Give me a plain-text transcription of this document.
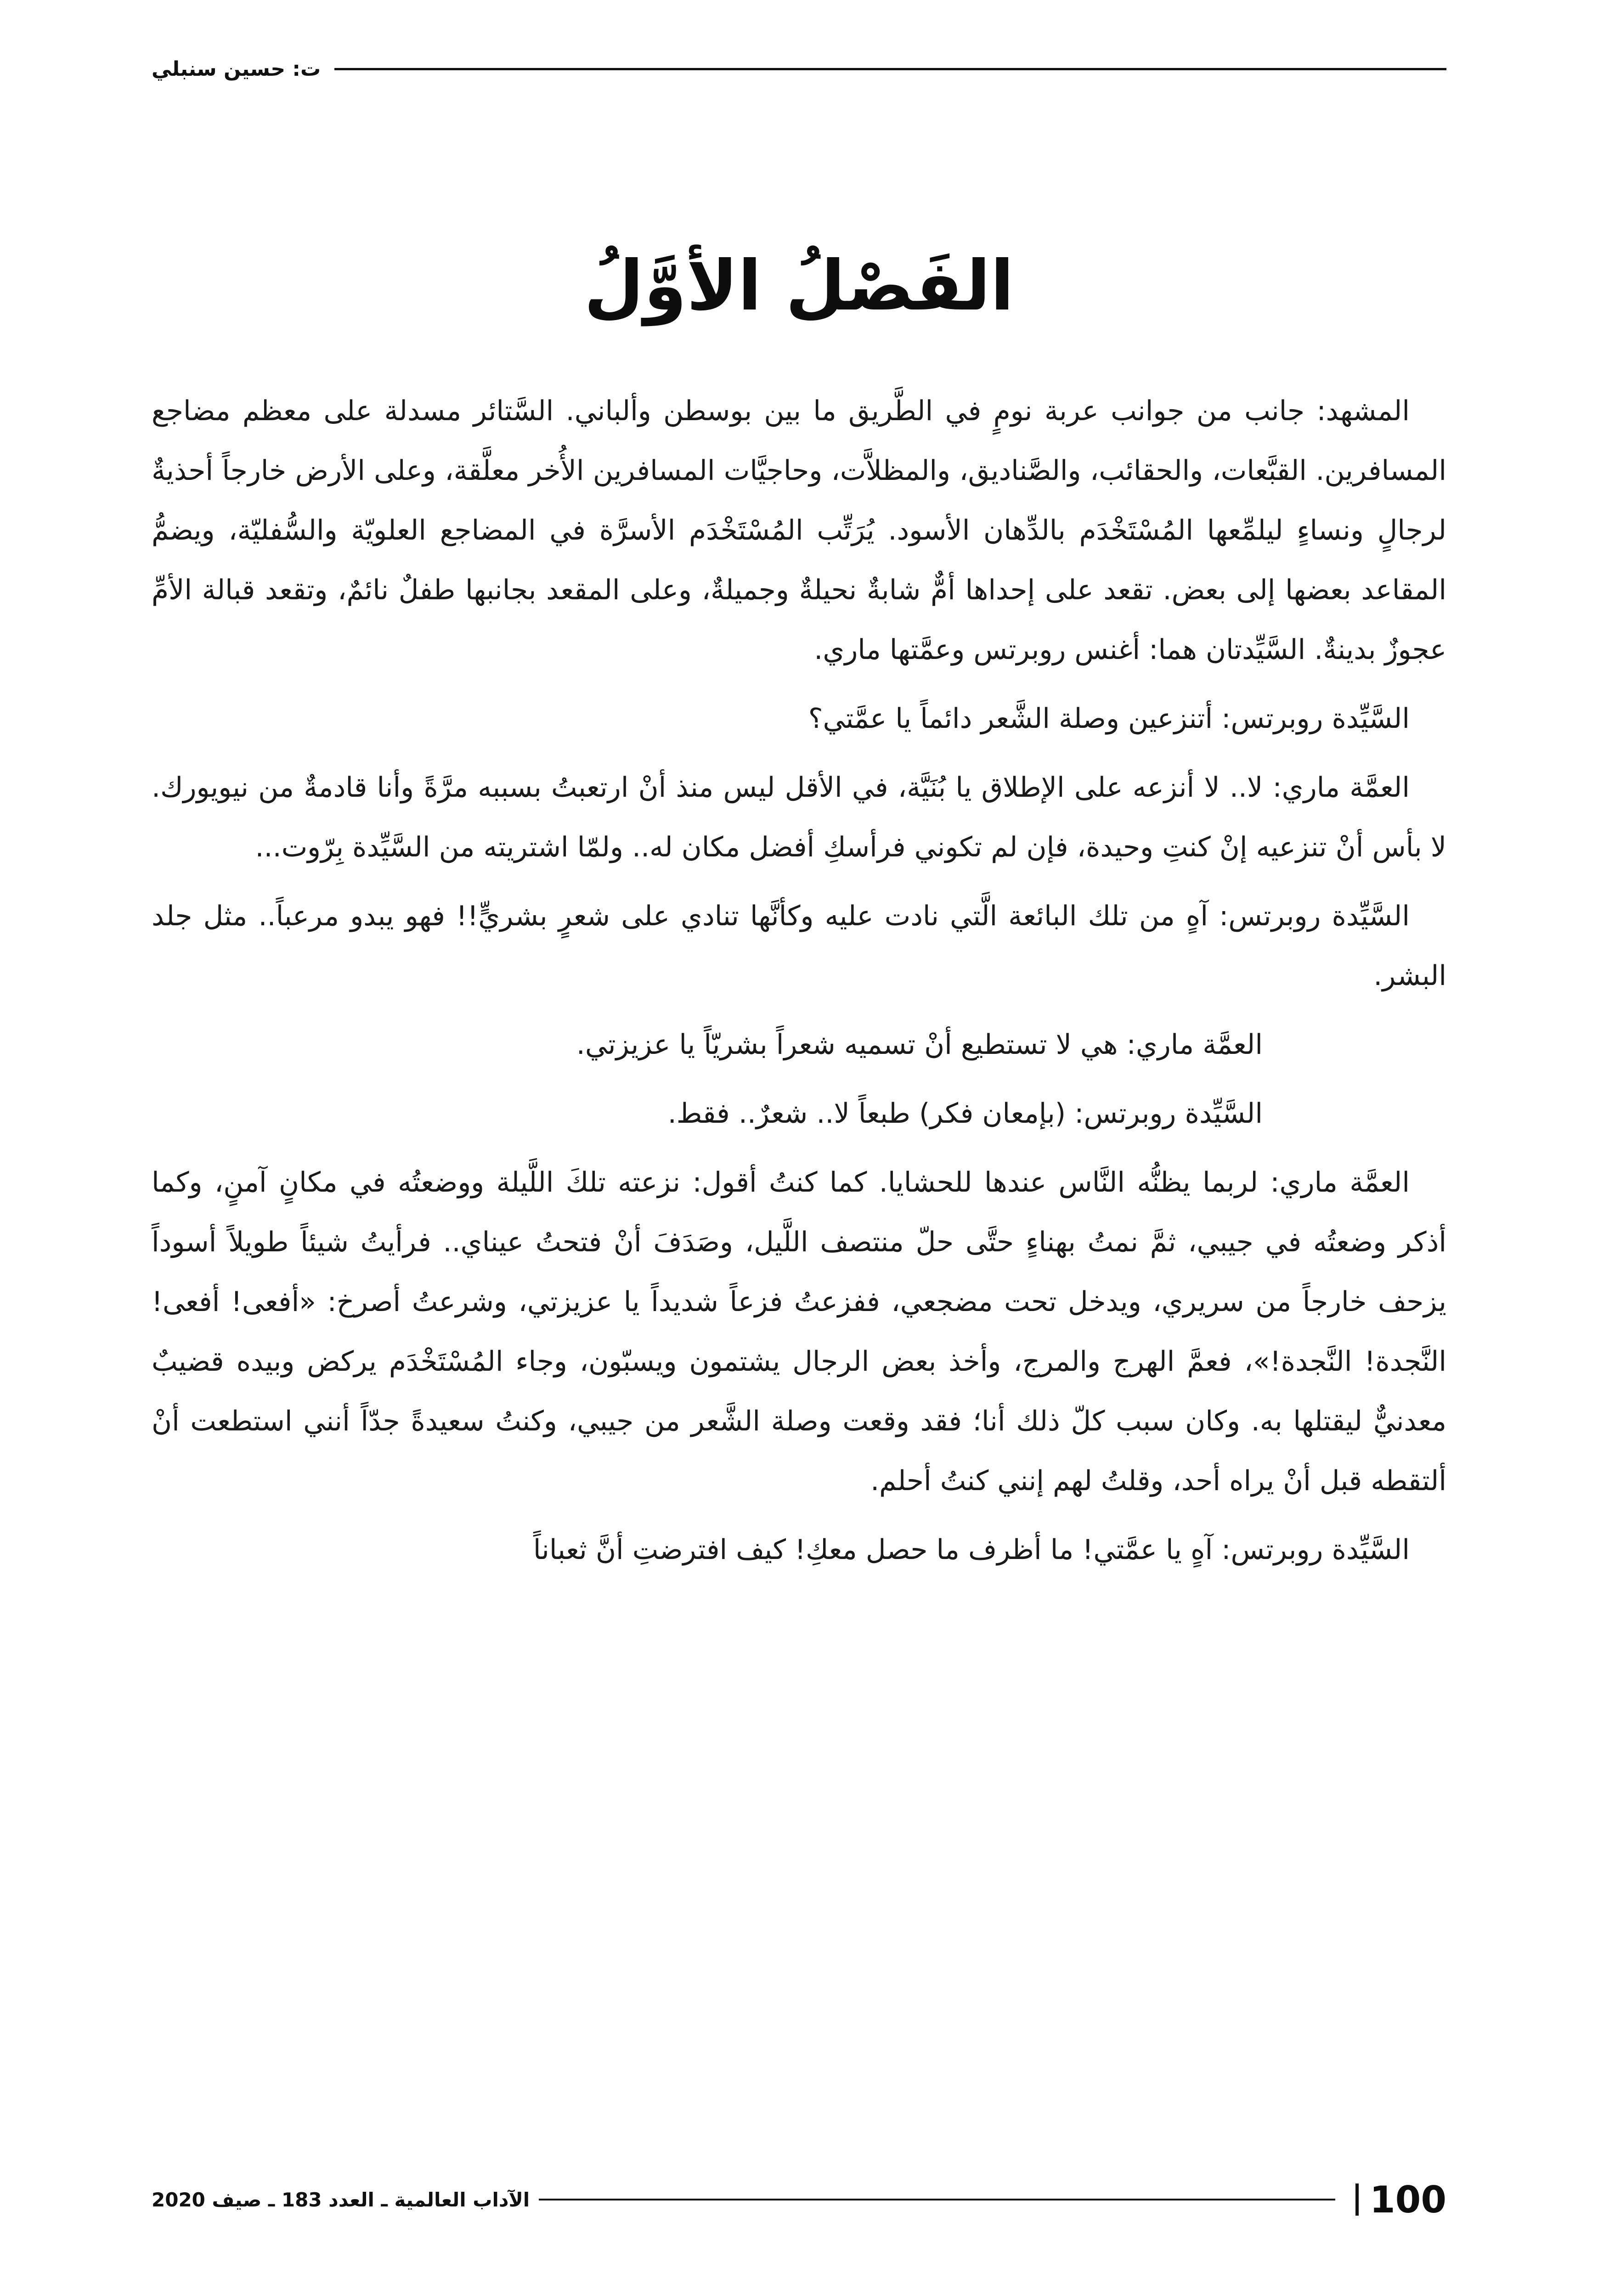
ت: حسين سنبلي
الفَصْلُ الأوَّلُ

المشهد: جانب من جوانب عربة نومٍ في الطَّريق ما بين بوسطن وألباني. السَّتائر مسدلة على معظم مضاجع المسافرين. القبَّعات، والحقائب، والصَّناديق، والمظلاَّت، وحاجيَّات المسافرين الأُخر معلَّقة، وعلى الأرض خارجاً أحذيةٌ لرجالٍ ونساءٍ ليلمِّعها المُسْتَخْدَم بالدِّهان الأسود. يُرَتِّب المُسْتَخْدَم الأسرَّة في المضاجع العلويّة والسُّفليّة، ويضمُّ المقاعد بعضها إلى بعض. تقعد على إحداها أمٌّ شابةٌ نحيلةٌ وجميلةٌ، وعلى المقعد بجانبها طفلٌ نائمٌ، وتقعد قبالة الأمِّ عجوزٌ بدينةٌ. السَّيِّدتان هما: أغنس روبرتس وعمَّتها ماري.

السَّيِّدة روبرتس: أتنزعين وصلة الشَّعر دائماً يا عمَّتي؟

العمَّة ماري: لا.. لا أنزعه على الإطلاق يا بُنَيَّة، في الأقل ليس منذ أنْ ارتعبتُ بسببه مرَّةً وأنا قادمةٌ من نيويورك. لا بأس أنْ تنزعيه إنْ كنتِ وحيدة، فإن لم تكوني فرأسكِ أفضل مكان له.. ولمّا اشتريته من السَّيِّدة بِرّوت...

السَّيِّدة روبرتس: آهٍ من تلك البائعة الَّتي نادت عليه وكأنَّها تنادي على شعرٍ بشريٍّ!! فهو يبدو مرعباً.. مثل جلد البشر.

العمَّة ماري: هي لا تستطيع أنْ تسميه شعراً بشريّاً يا عزيزتي.

السَّيِّدة روبرتس: (بإمعان فكر) طبعاً لا.. شعرٌ.. فقط.

العمَّة ماري: لربما يظنُّه النَّاس عندها للحشايا. كما كنتُ أقول: نزعته تلكَ اللَّيلة ووضعتُه في مكانٍ آمنٍ، وكما أذكر وضعتُه في جيبي، ثمَّ نمتُ بهناءٍ حتَّى حلّ منتصف اللَّيل، وصَدَفَ أنْ فتحتُ عيناي.. فرأيتُ شيئاً طويلاً أسوداً يزحف خارجاً من سريري، ويدخل تحت مضجعي، ففزعتُ فزعاً شديداً يا عزيزتي، وشرعتُ أصرخ: «أفعى! أفعى! النَّجدة! النَّجدة!»، فعمَّ الهرج والمرج، وأخذ بعض الرجال يشتمون ويسبّون، وجاء المُسْتَخْدَم يركض وبيده قضيبٌ معدنيٌّ ليقتلها به. وكان سبب كلّ ذلك أنا؛ فقد وقعت وصلة الشَّعر من جيبي، وكنتُ سعيدةً جدّاً أنني استطعت أنْ ألتقطه قبل أنْ يراه أحد، وقلتُ لهم إنني كنتُ أحلم.

السَّيِّدة روبرتس: آهٍ يا عمَّتي! ما أظرف ما حصل معكِ! كيف افترضتِ أنَّ ثعباناً

100
الآداب العالمية ـ العدد 183 ـ صيف 2020
